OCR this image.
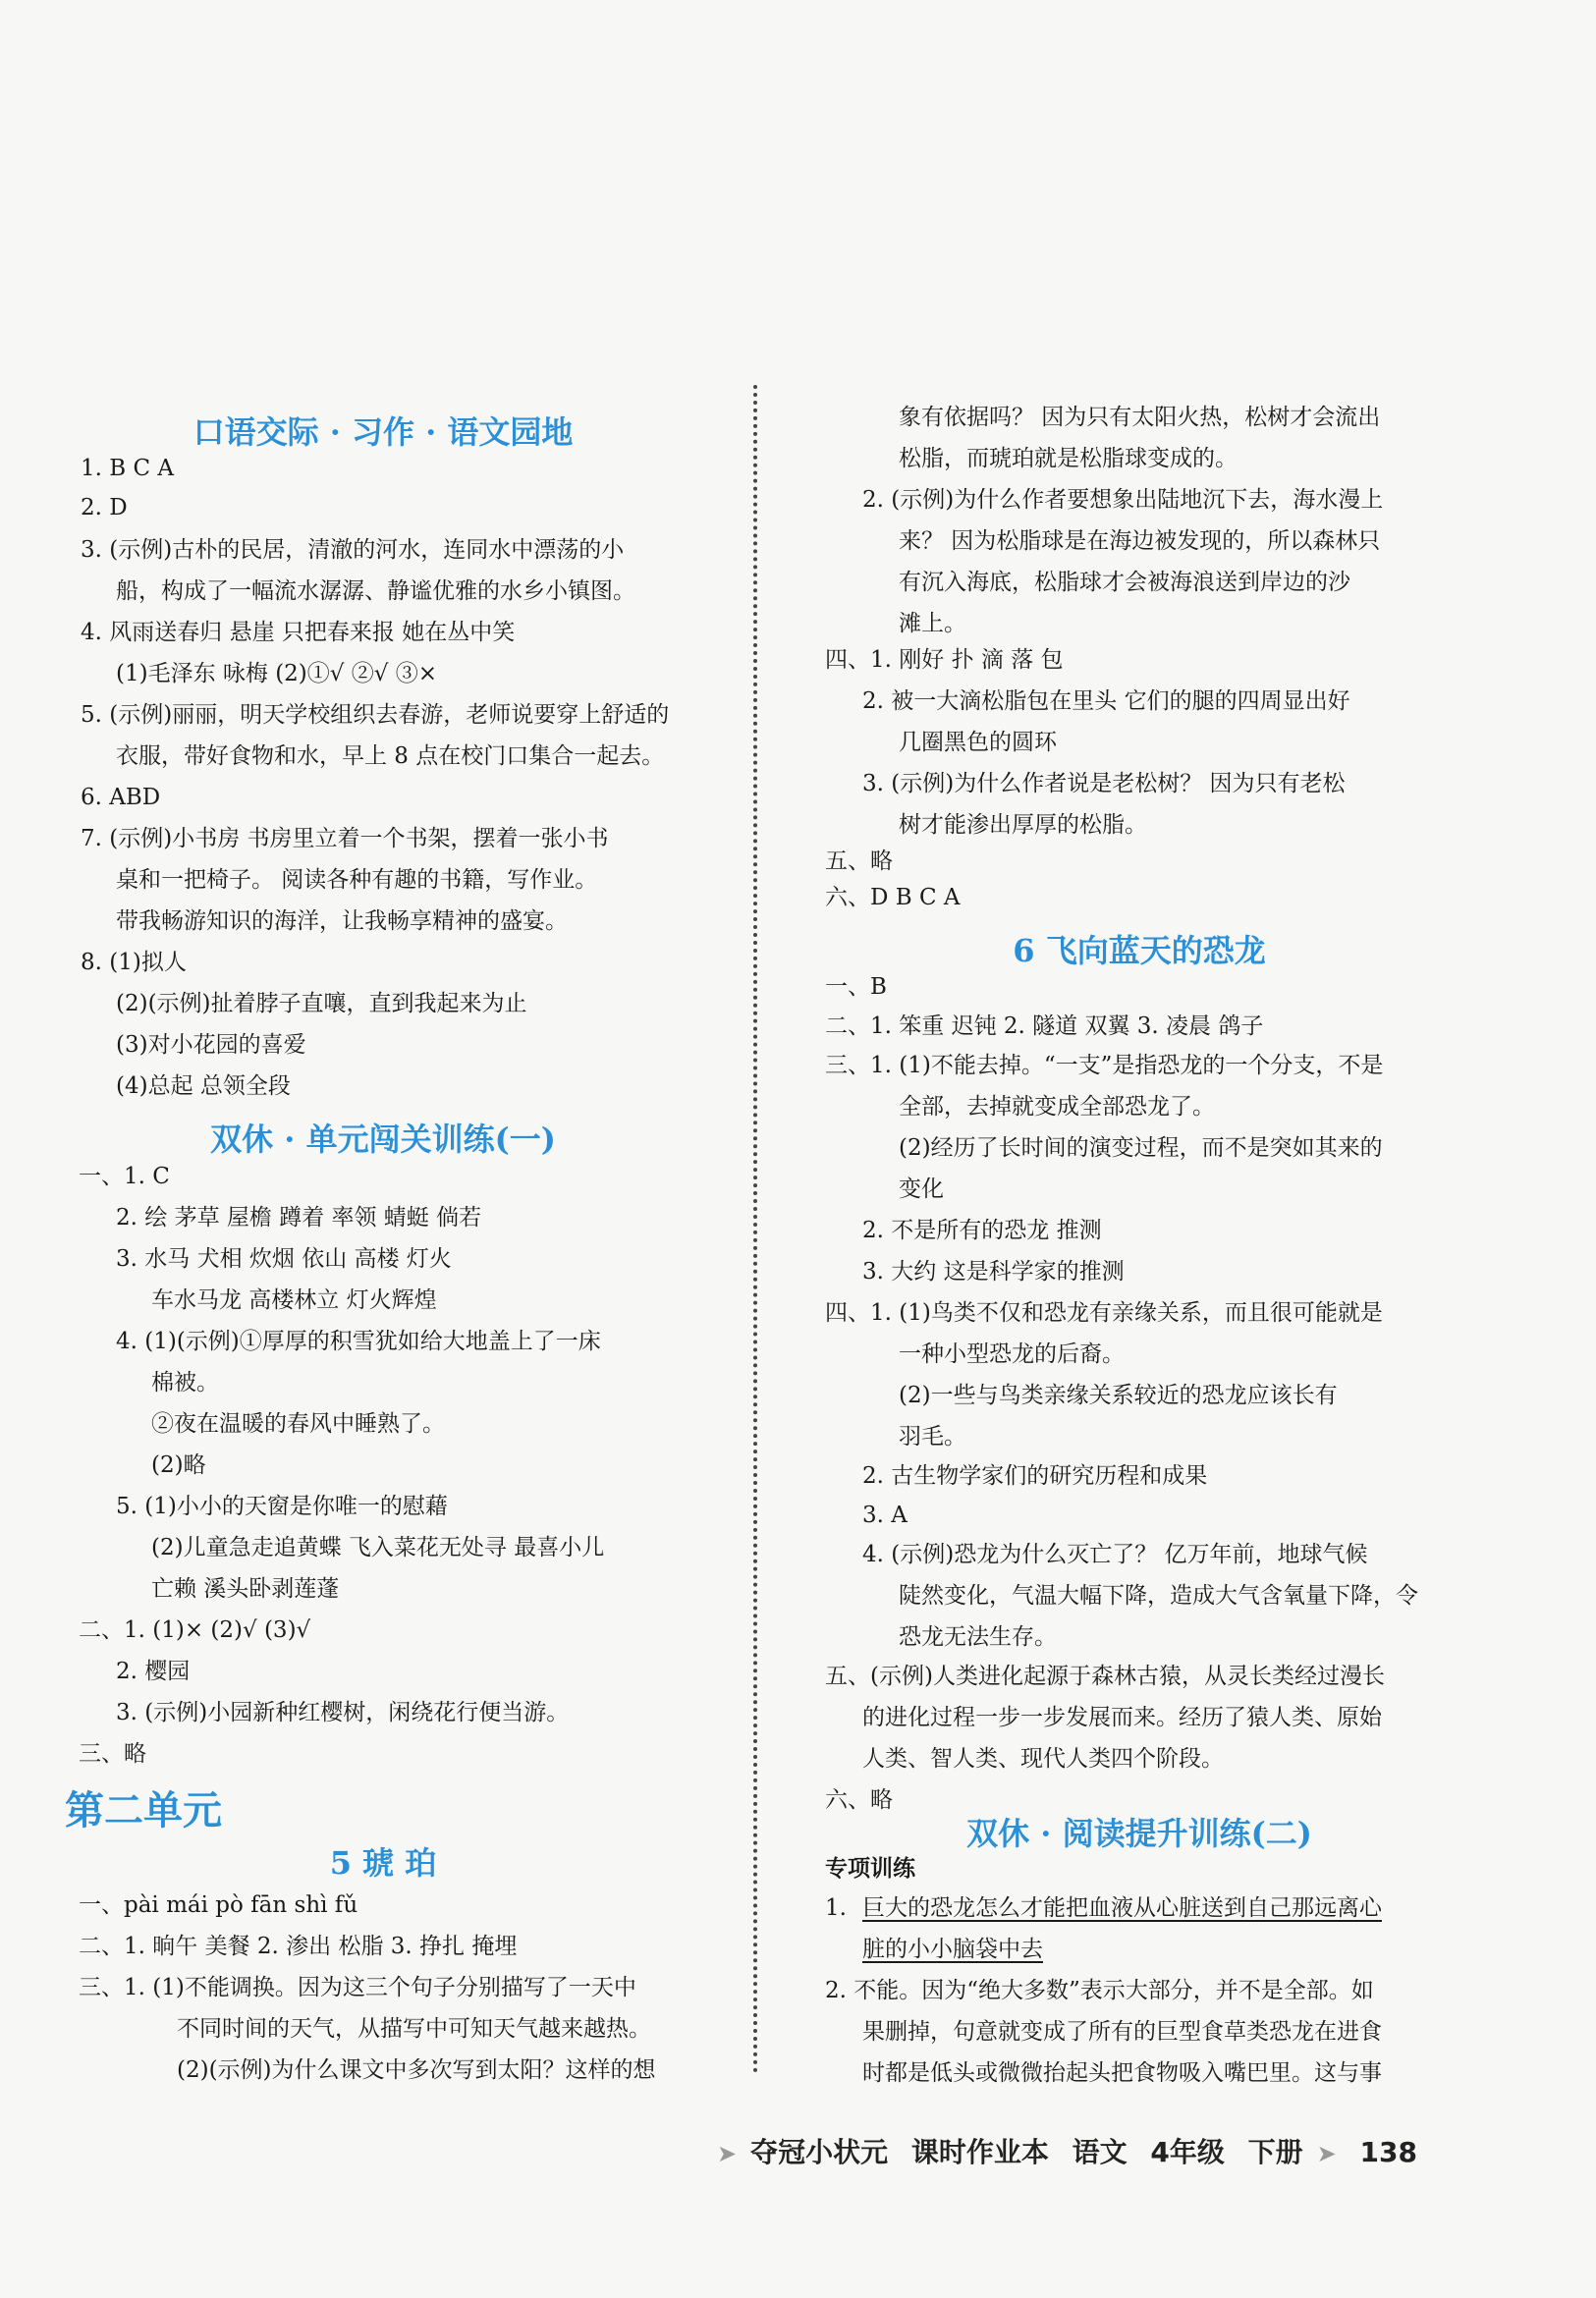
口语交际 · 习作 · 语文园地
1. B C A
2. D
3. (示例)古朴的民居，清澈的河水，连同水中漂荡的小
船，构成了一幅流水潺潺、静谧优雅的水乡小镇图。
4. 风雨送春归 悬崖 只把春来报 她在丛中笑
(1)毛泽东 咏梅 (2)①√ ②√ ③×
5. (示例)丽丽，明天学校组织去春游，老师说要穿上舒适的
衣服，带好食物和水，早上 8 点在校门口集合一起去。
6. ABD
7. (示例)小书房 书房里立着一个书架，摆着一张小书
桌和一把椅子。 阅读各种有趣的书籍，写作业。
带我畅游知识的海洋，让我畅享精神的盛宴。
8. (1)拟人
(2)(示例)扯着脖子直嚷，直到我起来为止
(3)对小花园的喜爱
(4)总起 总领全段
双休 · 单元闯关训练(一)
一、1. C
2. 绘 茅草 屋檐 蹲着 率领 蜻蜓 倘若
3. 水马 犬相 炊烟 依山 高楼 灯火
车水马龙 高楼林立 灯火辉煌
4. (1)(示例)①厚厚的积雪犹如给大地盖上了一床
棉被。
②夜在温暖的春风中睡熟了。
(2)略
5. (1)小小的天窗是你唯一的慰藉
(2)儿童急走追黄蝶 飞入菜花无处寻 最喜小儿
亡赖 溪头卧剥莲蓬
二、1. (1)× (2)√ (3)√
2. 樱园
3. (示例)小园新种红樱树，闲绕花行便当游。
三、略
第二单元
5 琥 珀
一、pài mái pò fān shì fǔ
二、1. 晌午 美餐 2. 渗出 松脂 3. 挣扎 掩埋
三、1. (1)不能调换。因为这三个句子分别描写了一天中
不同时间的天气，从描写中可知天气越来越热。
(2)(示例)为什么课文中多次写到太阳？这样的想
象有依据吗？ 因为只有太阳火热，松树才会流出
松脂，而琥珀就是松脂球变成的。
2. (示例)为什么作者要想象出陆地沉下去，海水漫上
来？ 因为松脂球是在海边被发现的，所以森林只
有沉入海底，松脂球才会被海浪送到岸边的沙
滩上。
四、1. 刚好 扑 滴 落 包
2. 被一大滴松脂包在里头 它们的腿的四周显出好
几圈黑色的圆环
3. (示例)为什么作者说是老松树？ 因为只有老松
树才能渗出厚厚的松脂。
五、略
六、D B C A
6 飞向蓝天的恐龙
一、B
二、1. 笨重 迟钝 2. 隧道 双翼 3. 凌晨 鸽子
三、1. (1)不能去掉。“一支”是指恐龙的一个分支，不是
全部，去掉就变成全部恐龙了。
(2)经历了长时间的演变过程，而不是突如其来的
变化
2. 不是所有的恐龙 推测
3. 大约 这是科学家的推测
四、1. (1)鸟类不仅和恐龙有亲缘关系，而且很可能就是
一种小型恐龙的后裔。
(2)一些与鸟类亲缘关系较近的恐龙应该长有
羽毛。
2. 古生物学家们的研究历程和成果
3. A
4. (示例)恐龙为什么灭亡了？ 亿万年前，地球气候
陡然变化，气温大幅下降，造成大气含氧量下降，令
恐龙无法生存。
五、(示例)人类进化起源于森林古猿，从灵长类经过漫长
的进化过程一步一步发展而来。经历了猿人类、原始
人类、智人类、现代人类四个阶段。
六、略
双休 · 阅读提升训练(二)
专项训练
1. 巨大的恐龙怎么才能把血液从心脏送到自己那远离心
脏的小小脑袋中去
2. 不能。因为“绝大多数”表示大部分，并不是全部。如
果删掉，句意就变成了所有的巨型食草类恐龙在进食
时都是低头或微微抬起头把食物吸入嘴巴里。这与事
➤ 夺冠小状元 课时作业本 语文 4年级 下册 ➤ 138
